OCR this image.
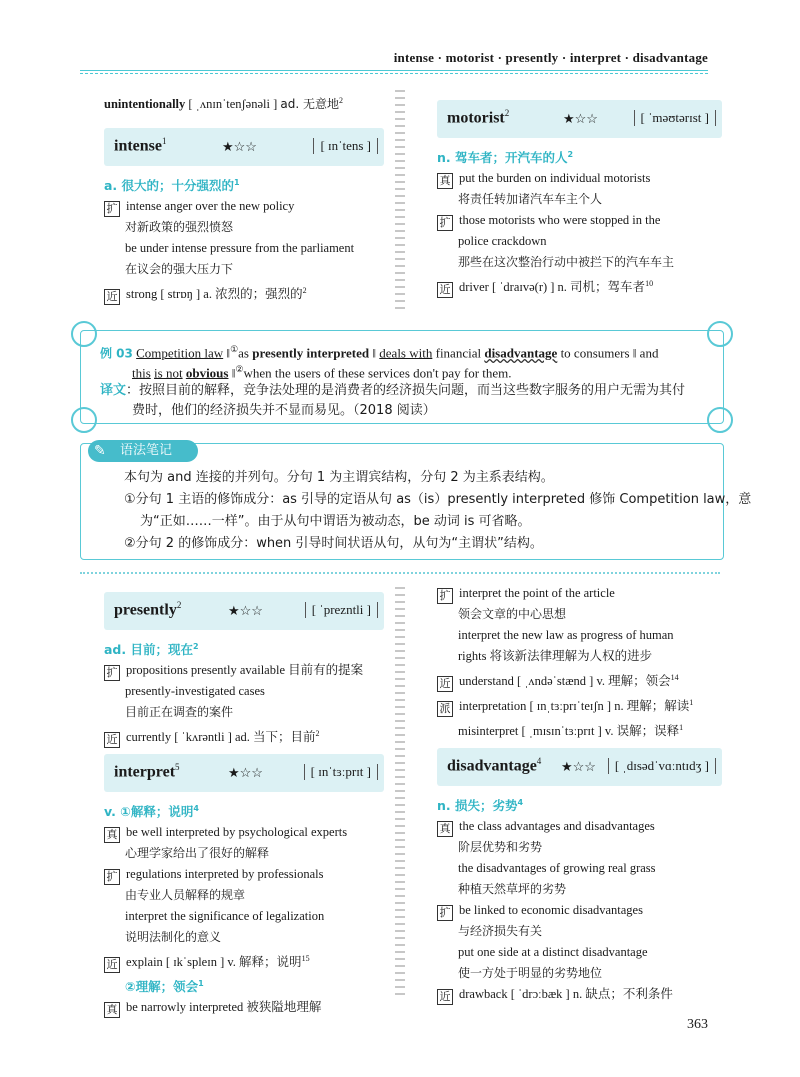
intense · motorist · presently · interpret · disadvantage
unintentionally [ ˌʌnɪnˈtenʃənəli ] ad. 无意地$^2$
intense$^1$	★☆☆	[ ɪnˈtens ]
a. 很大的；十分强烈的$^1$
扩 intense anger over the new policy
对新政策的强烈愤怒
be under intense pressure from the parliament
在议会的强大压力下
近 strong [ strɒŋ ] a. 浓烈的；强烈的$^2$
motorist$^2$	★☆☆	[ ˈməʊtərɪst ]
n. 驾车者；开汽车的人$^2$
真 put the burden on individual motorists
将责任转加诸汽车车主个人
扩 those motorists who were stopped in the
police crackdown
那些在这次整治行动中被拦下的汽车车主
近 driver [ ˈdraɪvə(r) ] n. 司机；驾车者$^{10}$
例 03 Competition law ‖①as presently interpreted ‖ deals with financial disadvantage to consumers ‖ and
this is not obvious ‖②when the users of these services don't pay for them.
译文：按照目前的解释，竞争法处理的是消费者的经济损失问题，而当这些数字服务的用户无需为其付
费时，他们的经济损失并不显而易见。（2018 阅读）
语法笔记
✎
本句为 and 连接的并列句。分句 1 为主谓宾结构，分句 2 为主系表结构。
①分句 1 主语的修饰成分：as 引导的定语从句 as（is）presently interpreted 修饰 Competition law，意
为“正如……一样”。由于从句中谓语为被动态，be 动词 is 可省略。
②分句 2 的修饰成分：when 引导时间状语从句，从句为“主谓状”结构。
presently$^2$	★☆☆	[ ˈprezntli ]
ad. 目前；现在$^2$
扩 propositions presently available 目前有的提案
presently-investigated cases
目前正在调查的案件
近 currently [ ˈkʌrəntli ] ad. 当下；目前$^2$
interpret$^5$	★☆☆	[ ɪnˈtɜːprɪt ]
v. ①解释；说明$^4$
真 be well interpreted by psychological experts
心理学家给出了很好的解释
扩 regulations interpreted by professionals
由专业人员解释的规章
interpret the significance of legalization
说明法制化的意义
近 explain [ ɪkˈspleɪn ] v. 解释；说明$^{15}$
②理解；领会$^1$
真 be narrowly interpreted 被狭隘地理解
扩 interpret the point of the article
领会文章的中心思想
interpret the new law as progress of human
rights 将该新法律理解为人权的进步
近 understand [ ˌʌndəˈstænd ] v. 理解；领会$^{14}$
派 interpretation [ ɪnˌtɜːprɪˈteɪʃn ] n. 理解；解读$^1$
misinterpret [ ˌmɪsɪnˈtɜːprɪt ] v. 误解；误释$^1$
disadvantage$^4$ ★☆☆	[ ˌdɪsədˈvɑːntɪdʒ ]
n. 损失；劣势$^4$
真 the class advantages and disadvantages
阶层优势和劣势
the disadvantages of growing real grass
种植天然草坪的劣势
扩 be linked to economic disadvantages
与经济损失有关
put one side at a distinct disadvantage
使一方处于明显的劣势地位
近 drawback [ ˈdrɔːbæk ] n. 缺点；不利条件
363
